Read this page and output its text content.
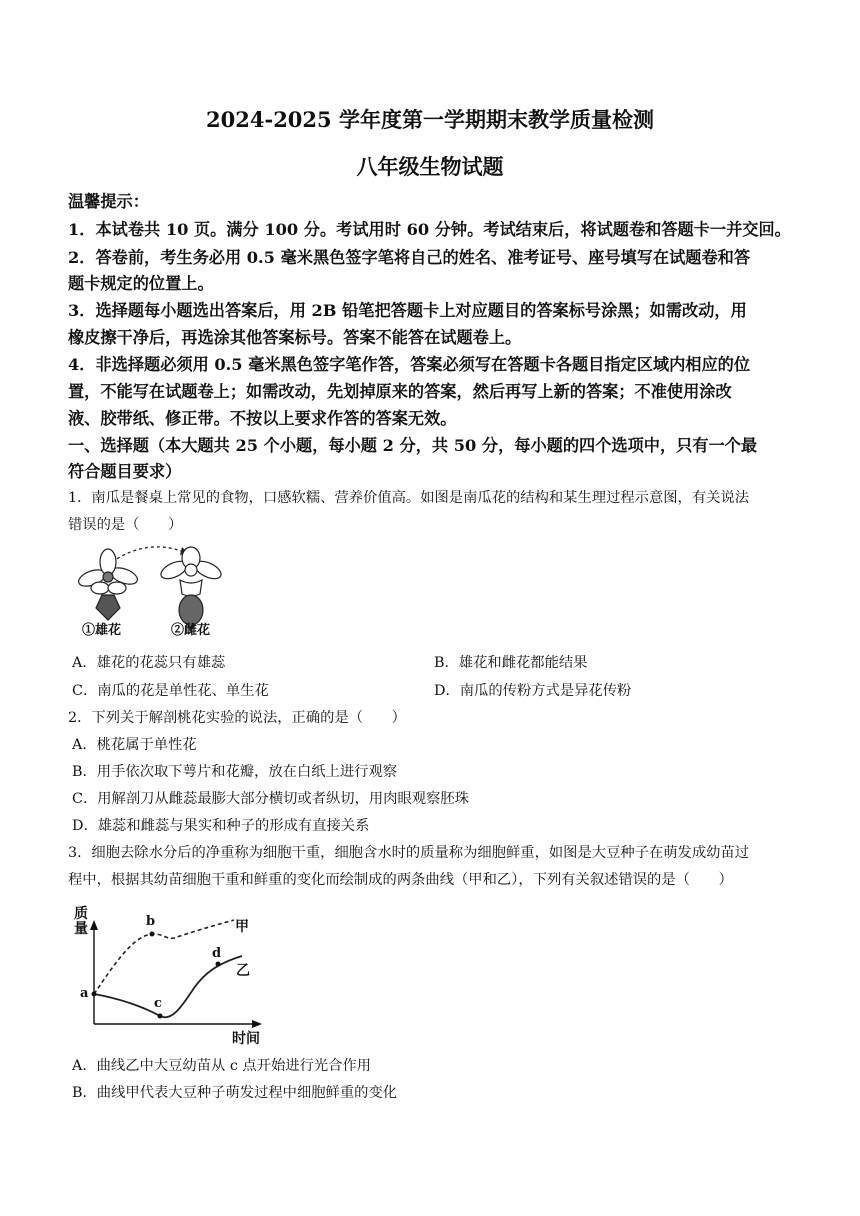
2024-2025 学年度第一学期期末教学质量检测
八年级生物试题
温馨提示：
1．本试卷共 10 页。满分 100 分。考试用时 60 分钟。考试结束后，将试题卷和答题卡一并交回。
2．答卷前，考生务必用 0.5 毫米黑色签字笔将自己的姓名、准考证号、座号填写在试题卷和答
题卡规定的位置上。
3．选择题每小题选出答案后，用 2B 铅笔把答题卡上对应题目的答案标号涂黑；如需改动，用
橡皮擦干净后，再选涂其他答案标号。答案不能答在试题卷上。
4．非选择题必须用 0.5 毫米黑色签字笔作答，答案必须写在答题卡各题目指定区域内相应的位
置，不能写在试题卷上；如需改动，先划掉原来的答案，然后再写上新的答案；不准使用涂改
液、胶带纸、修正带。不按以上要求作答的答案无效。
一、选择题（本大题共 25 个小题，每小题 2 分，共 50 分，每小题的四个选项中，只有一个最
符合题目要求）
1．南瓜是餐桌上常见的食物，口感软糯、营养价值高。如图是南瓜花的结构和某生理过程示意图，有关说法
错误的是（　　）
①雄花	②雌花
A．雄花的花蕊只有雄蕊	B．雄花和雌花都能结果
C．南瓜的花是单性花、单生花	D．南瓜的传粉方式是异花传粉
2．下列关于解剖桃花实验的说法，正确的是（　　）
A．桃花属于单性花
B．用手依次取下萼片和花瓣，放在白纸上进行观察
C．用解剖刀从雌蕊最膨大部分横切或者纵切，用肉眼观察胚珠
D．雄蕊和雌蕊与果实和种子的形成有直接关系
3．细胞去除水分后的净重称为细胞干重，细胞含水时的质量称为细胞鲜重，如图是大豆种子在萌发成幼苗过
程中，根据其幼苗细胞干重和鲜重的变化而绘制成的两条曲线（甲和乙），下列有关叙述错误的是（　　）
质
量
时间
甲
乙
a
b
c
d
A．曲线乙中大豆幼苗从 c 点开始进行光合作用
B．曲线甲代表大豆种子萌发过程中细胞鲜重的变化
